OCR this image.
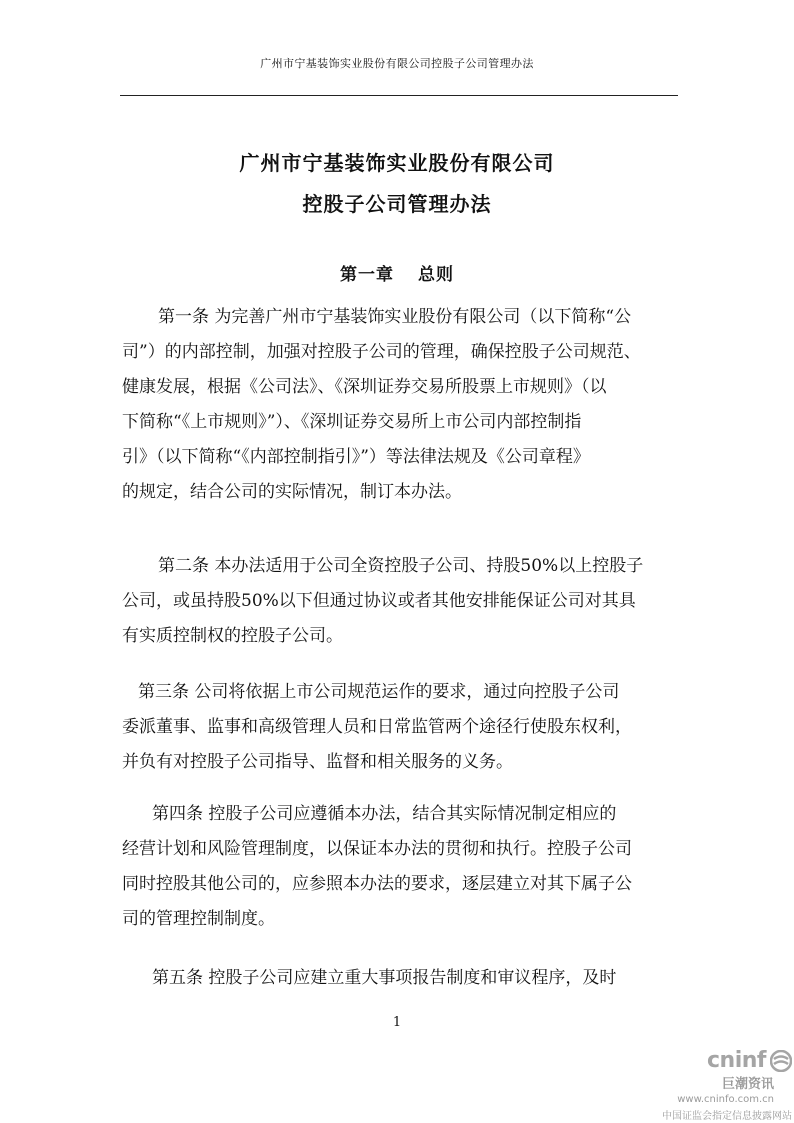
广州市宁基装饰实业股份有限公司控股子公司管理办法
广州市宁基装饰实业股份有限公司
控股子公司管理办法
第一章 总则
第一条 为完善广州市宁基装饰实业股份有限公司（以下简称“公
司”）的内部控制，加强对控股子公司的管理，确保控股子公司规范、
健康发展，根据《公司法》、《深圳证券交易所股票上市规则》（以
下简称“《上市规则》”）、《深圳证券交易所上市公司内部控制指
引》（以下简称“《内部控制指引》”）等法律法规及《公司章程》
的规定，结合公司的实际情况，制订本办法。
第二条 本办法适用于公司全资控股子公司、持股50%以上控股子
公司，或虽持股50%以下但通过协议或者其他安排能保证公司对其具
有实质控制权的控股子公司。
第三条 公司将依据上市公司规范运作的要求，通过向控股子公司
委派董事、监事和高级管理人员和日常监管两个途径行使股东权利，
并负有对控股子公司指导、监督和相关服务的义务。
第四条 控股子公司应遵循本办法，结合其实际情况制定相应的
经营计划和风险管理制度，以保证本办法的贯彻和执行。控股子公司
同时控股其他公司的，应参照本办法的要求，逐层建立对其下属子公
司的管理控制制度。
第五条 控股子公司应建立重大事项报告制度和审议程序，及时
1
cninf
巨潮资讯
www.cninfo.com.cn
中国证监会指定信息披露网站
